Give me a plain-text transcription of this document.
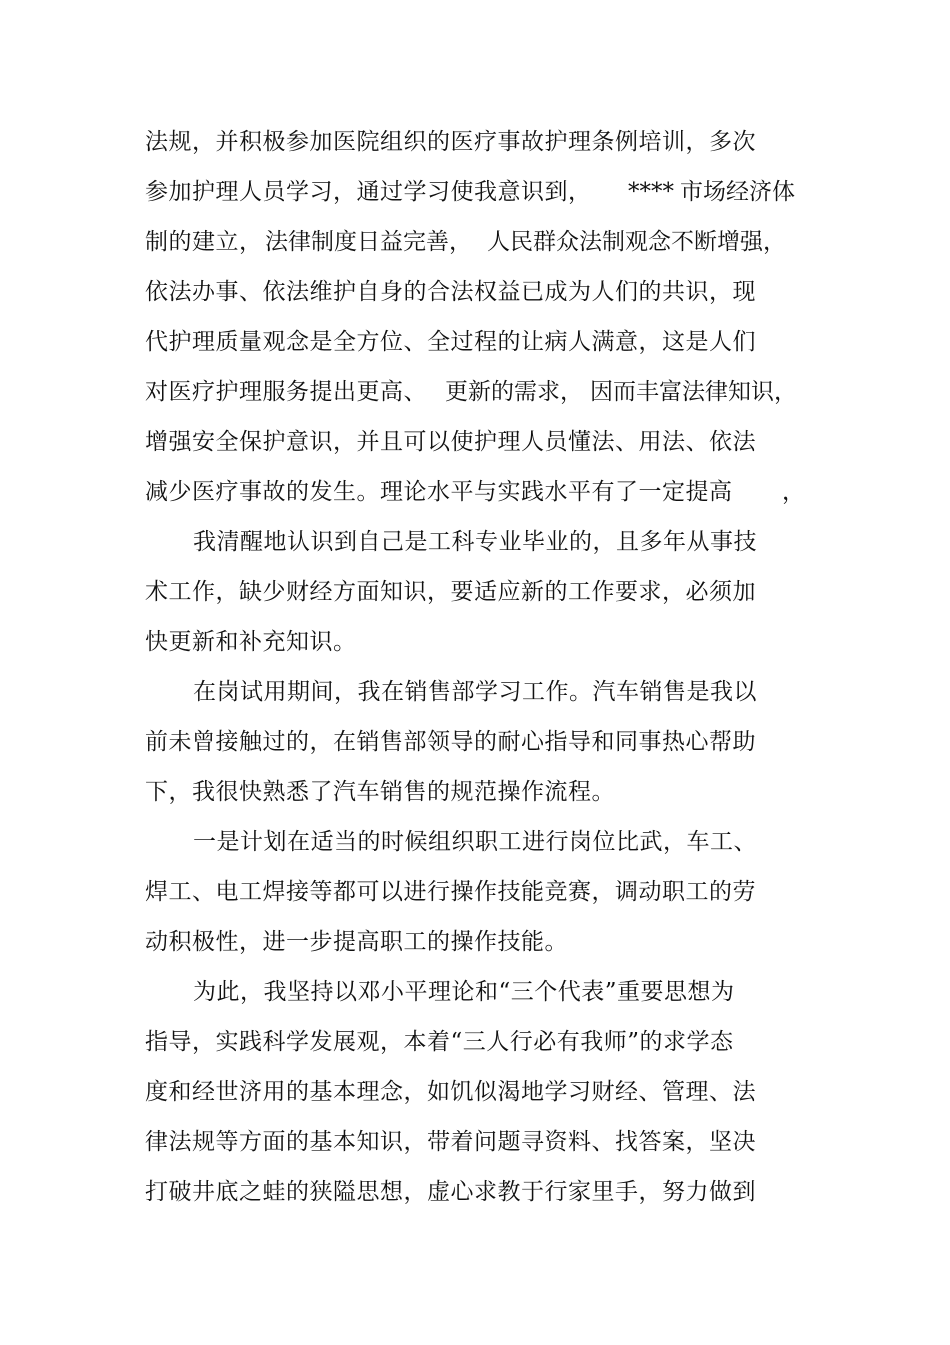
法规，并积极参加医院组织的医疗事故护理条例培训，多次
参加护理人员学习，通过学习使我意识到， **** 市场经济体
制的建立， 法律制度日益完善， 人民群众法制观念不断增强，
依法办事、依法维护自身的合法权益已成为人们的共识，现
代护理质量观念是全方位、全过程的让病人满意，这是人们
对医疗护理服务提出更高、 更新的需求， 因而丰富法律知识，
增强安全保护意识，并且可以使护理人员懂法、用法、依法
减少医疗事故的发生。理论水平与实践水平有了一定提高 ，
我清醒地认识到自己是工科专业毕业的，且多年从事技
术工作，缺少财经方面知识，要适应新的工作要求，必须加
快更新和补充知识。
在岗试用期间，我在销售部学习工作。汽车销售是我以
前未曾接触过的，在销售部领导的耐心指导和同事热心帮助
下，我很快熟悉了汽车销售的规范操作流程。
一是计划在适当的时候组织职工进行岗位比武，车工、
焊工、电工焊接等都可以进行操作技能竞赛，调动职工的劳
动积极性，进一步提高职工的操作技能。
为此，我坚持以邓小平理论和“三个代表”重要思想为
指导，实践科学发展观，本着“三人行必有我师”的求学态
度和经世济用的基本理念，如饥似渴地学习财经、管理、法
律法规等方面的基本知识，带着问题寻资料、找答案，坚决
打破井底之蛙的狭隘思想，虚心求教于行家里手，努力做到
